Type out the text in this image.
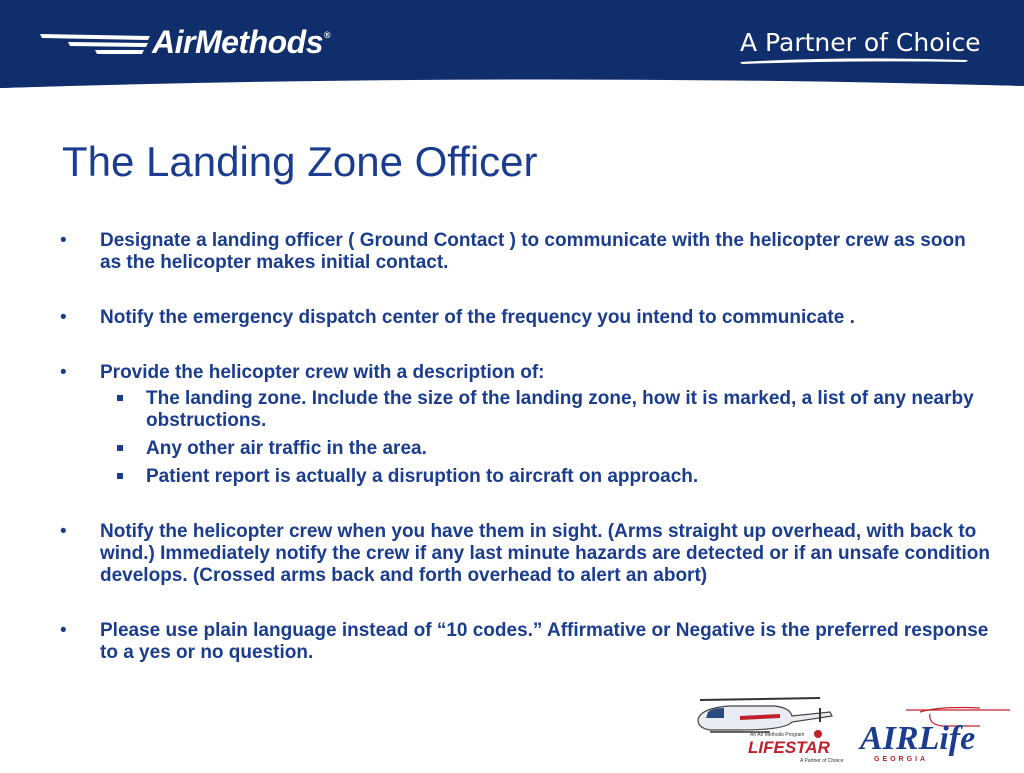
AirMethods®	A Partner of Choice
The Landing Zone Officer
• Designate a landing officer ( Ground Contact ) to communicate with the helicopter crew as soon as the helicopter makes initial contact.
• Notify the emergency dispatch center of the frequency you intend to communicate .
• Provide the helicopter crew with a description of:
The landing zone. Include the size of the landing zone, how it is marked, a list of any nearby obstructions.
Any other air traffic in the area.
Patient report is actually a disruption to aircraft on approach.
• Notify the helicopter crew when you have them in sight. (Arms straight up overhead, with back to wind.) Immediately notify the crew if any last minute hazards are detected or if an unsafe condition develops. (Crossed arms back and forth overhead to alert an abort)
• Please use plain language instead of “10 codes.” Affirmative or Negative is the preferred response to a yes or no question.
An Air Methods Program
LIFESTAR
A Partner of Choice
AIRLife
GEORGIA
